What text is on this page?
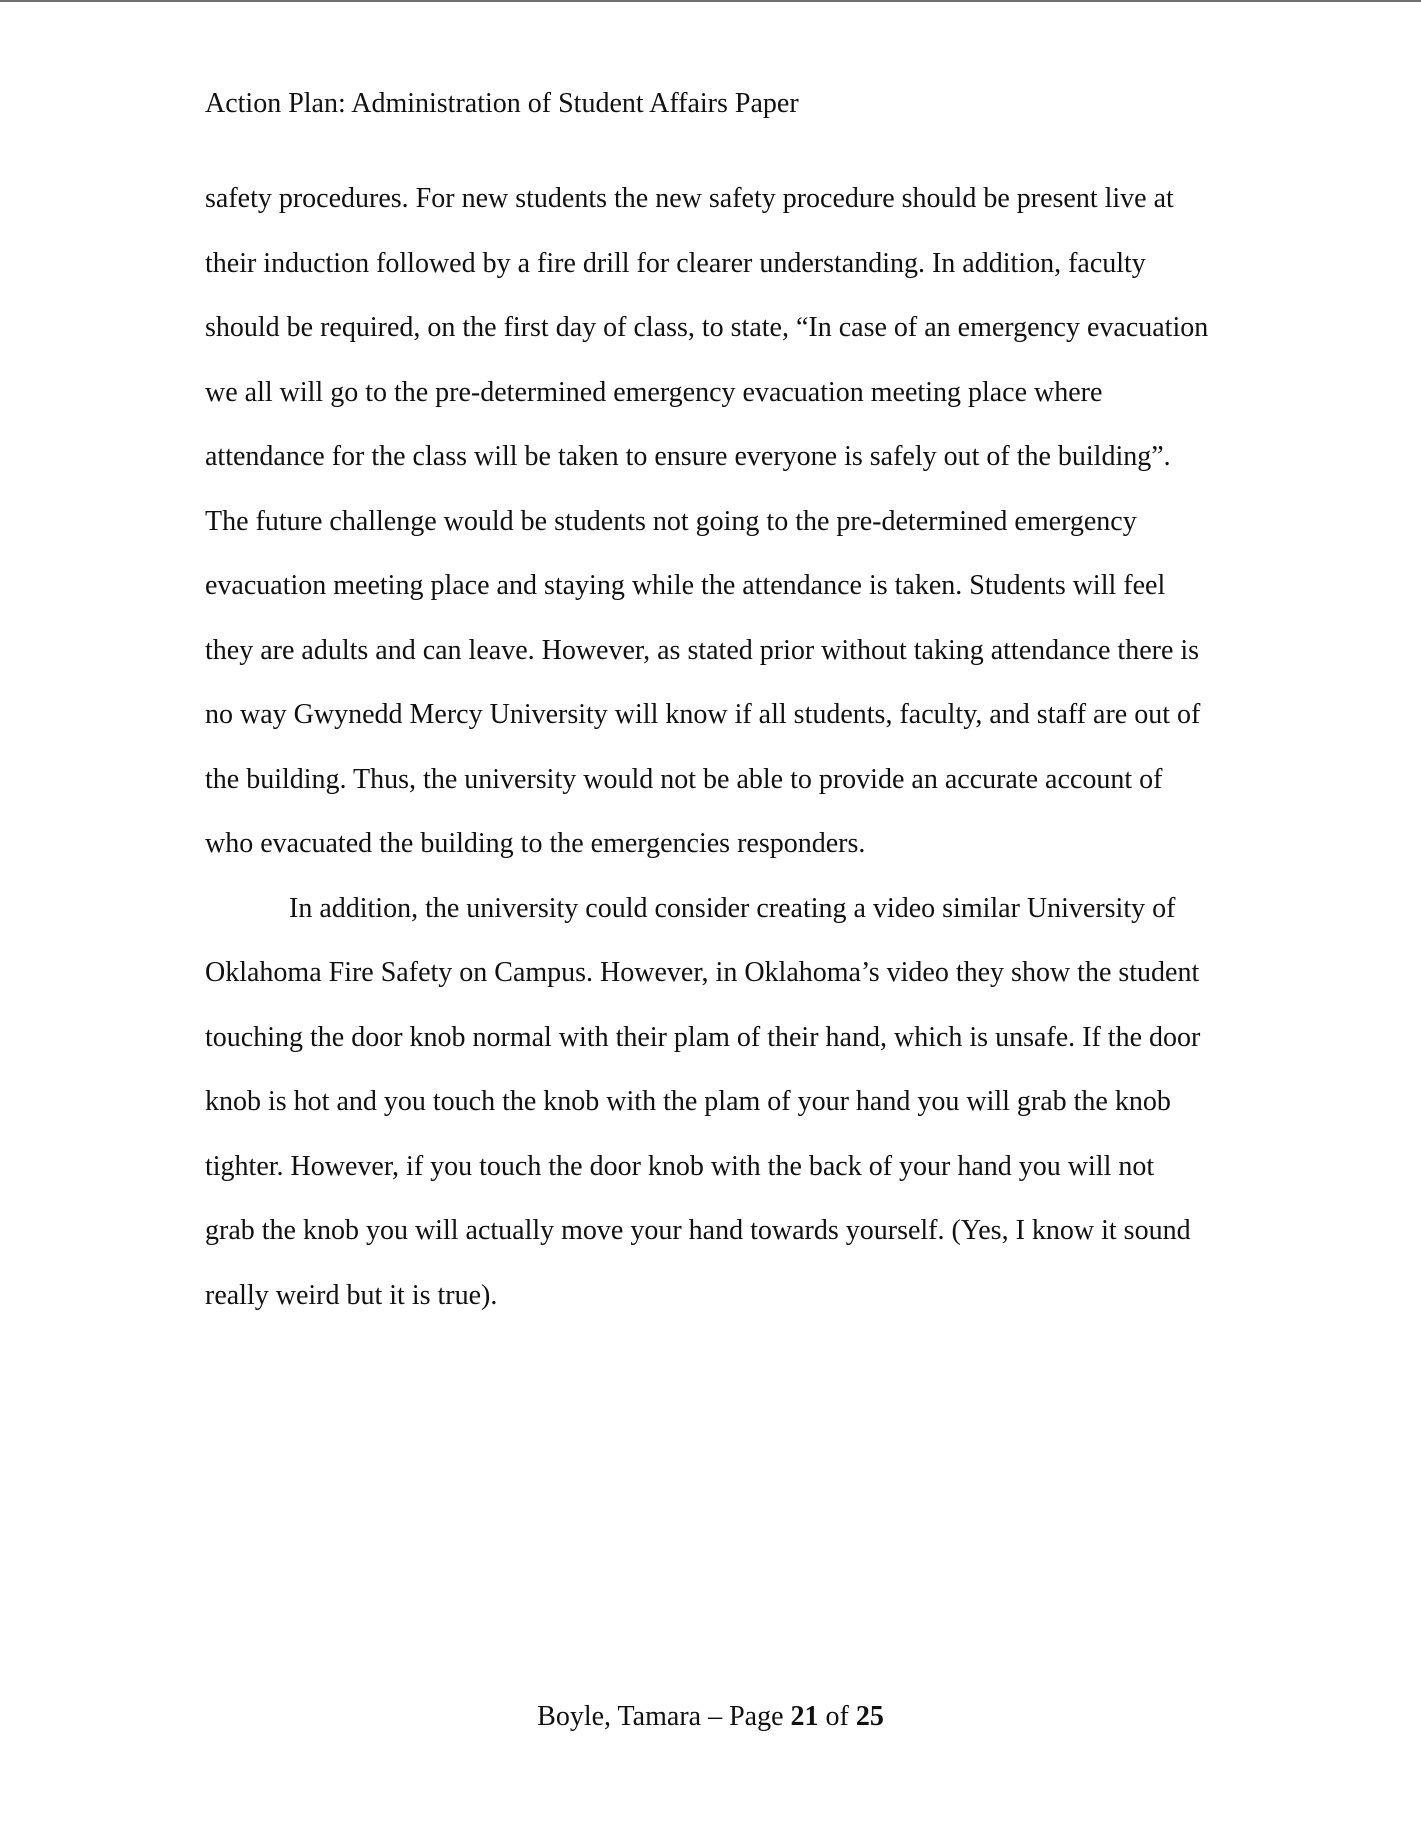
Action Plan: Administration of Student Affairs Paper
safety procedures. For new students the new safety procedure should be present live at
their induction followed by a fire drill for clearer understanding. In addition, faculty
should be required, on the first day of class, to state, “In case of an emergency evacuation
we all will go to the pre-determined emergency evacuation meeting place where
attendance for the class will be taken to ensure everyone is safely out of the building”.
The future challenge would be students not going to the pre-determined emergency
evacuation meeting place and staying while the attendance is taken. Students will feel
they are adults and can leave. However, as stated prior without taking attendance there is
no way Gwynedd Mercy University will know if all students, faculty, and staff are out of
the building. Thus, the university would not be able to provide an accurate account of
who evacuated the building to the emergencies responders.
In addition, the university could consider creating a video similar University of
Oklahoma Fire Safety on Campus. However, in Oklahoma’s video they show the student
touching the door knob normal with their plam of their hand, which is unsafe. If the door
knob is hot and you touch the knob with the plam of your hand you will grab the knob
tighter. However, if you touch the door knob with the back of your hand you will not
grab the knob you will actually move your hand towards yourself. (Yes, I know it sound
really weird but it is true).
Boyle, Tamara – Page 21 of 25
